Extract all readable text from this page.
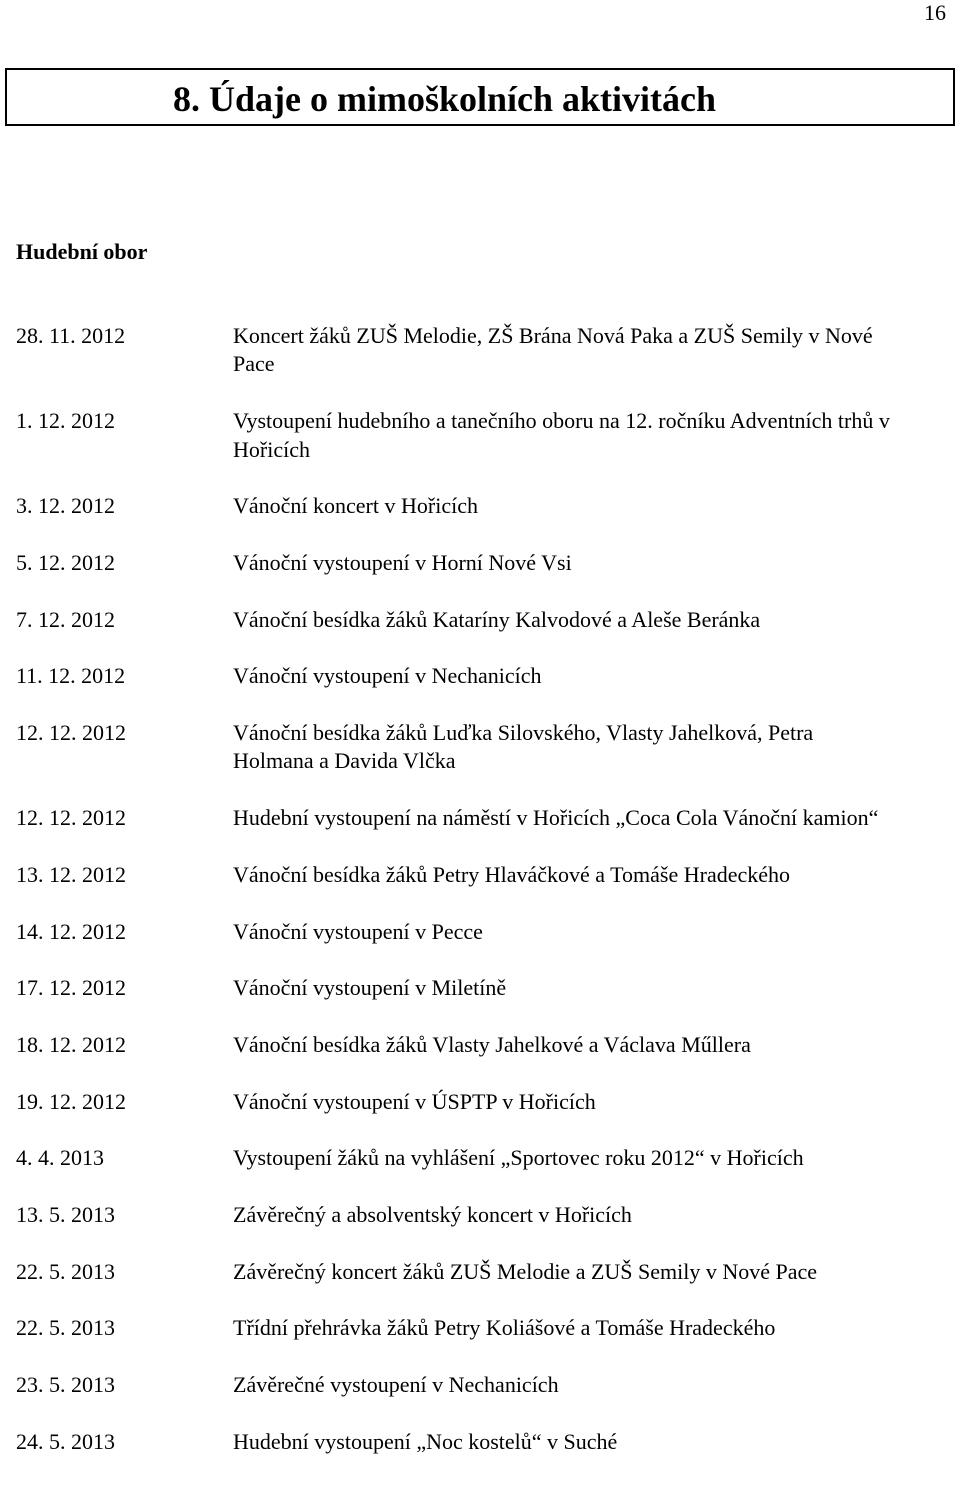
16
8. Údaje o mimoškolních aktivitách
Hudební obor
28. 11. 2012	Koncert žáků ZUŠ Melodie, ZŠ Brána Nová Paka a ZUŠ Semily v Nové Pace
1. 12. 2012	Vystoupení hudebního a tanečního oboru na 12. ročníku Adventních trhů v Hořicích
3. 12. 2012	Vánoční koncert v Hořicích
5. 12. 2012	Vánoční vystoupení v Horní Nové Vsi
7. 12. 2012	Vánoční besídka žáků Kataríny Kalvodové a Aleše Beránka
11. 12. 2012	Vánoční vystoupení v Nechanicích
12. 12. 2012	Vánoční besídka žáků Luďka Silovského, Vlasty Jahelková, Petra Holmana a Davida Vlčka
12. 12. 2012	Hudební vystoupení na náměstí v Hořicích „Coca Cola Vánoční kamion“
13. 12. 2012	Vánoční besídka žáků Petry Hlaváčkové a Tomáše Hradeckého
14. 12. 2012	Vánoční vystoupení v Pecce
17. 12. 2012	Vánoční vystoupení v Miletíně
18. 12. 2012	Vánoční besídka žáků Vlasty Jahelkové a Václava Műllera
19. 12. 2012	Vánoční vystoupení v ÚSPTP v Hořicích
4. 4. 2013	Vystoupení žáků na vyhlášení „Sportovec roku 2012“ v Hořicích
13. 5. 2013	Závěrečný a absolventský koncert v Hořicích
22. 5. 2013	Závěrečný koncert žáků ZUŠ Melodie a ZUŠ Semily v Nové Pace
22. 5. 2013	Třídní přehrávka žáků Petry Koliášové a Tomáše Hradeckého
23. 5. 2013	Závěrečné vystoupení v Nechanicích
24. 5. 2013	Hudební vystoupení „Noc kostelů“ v Suché
